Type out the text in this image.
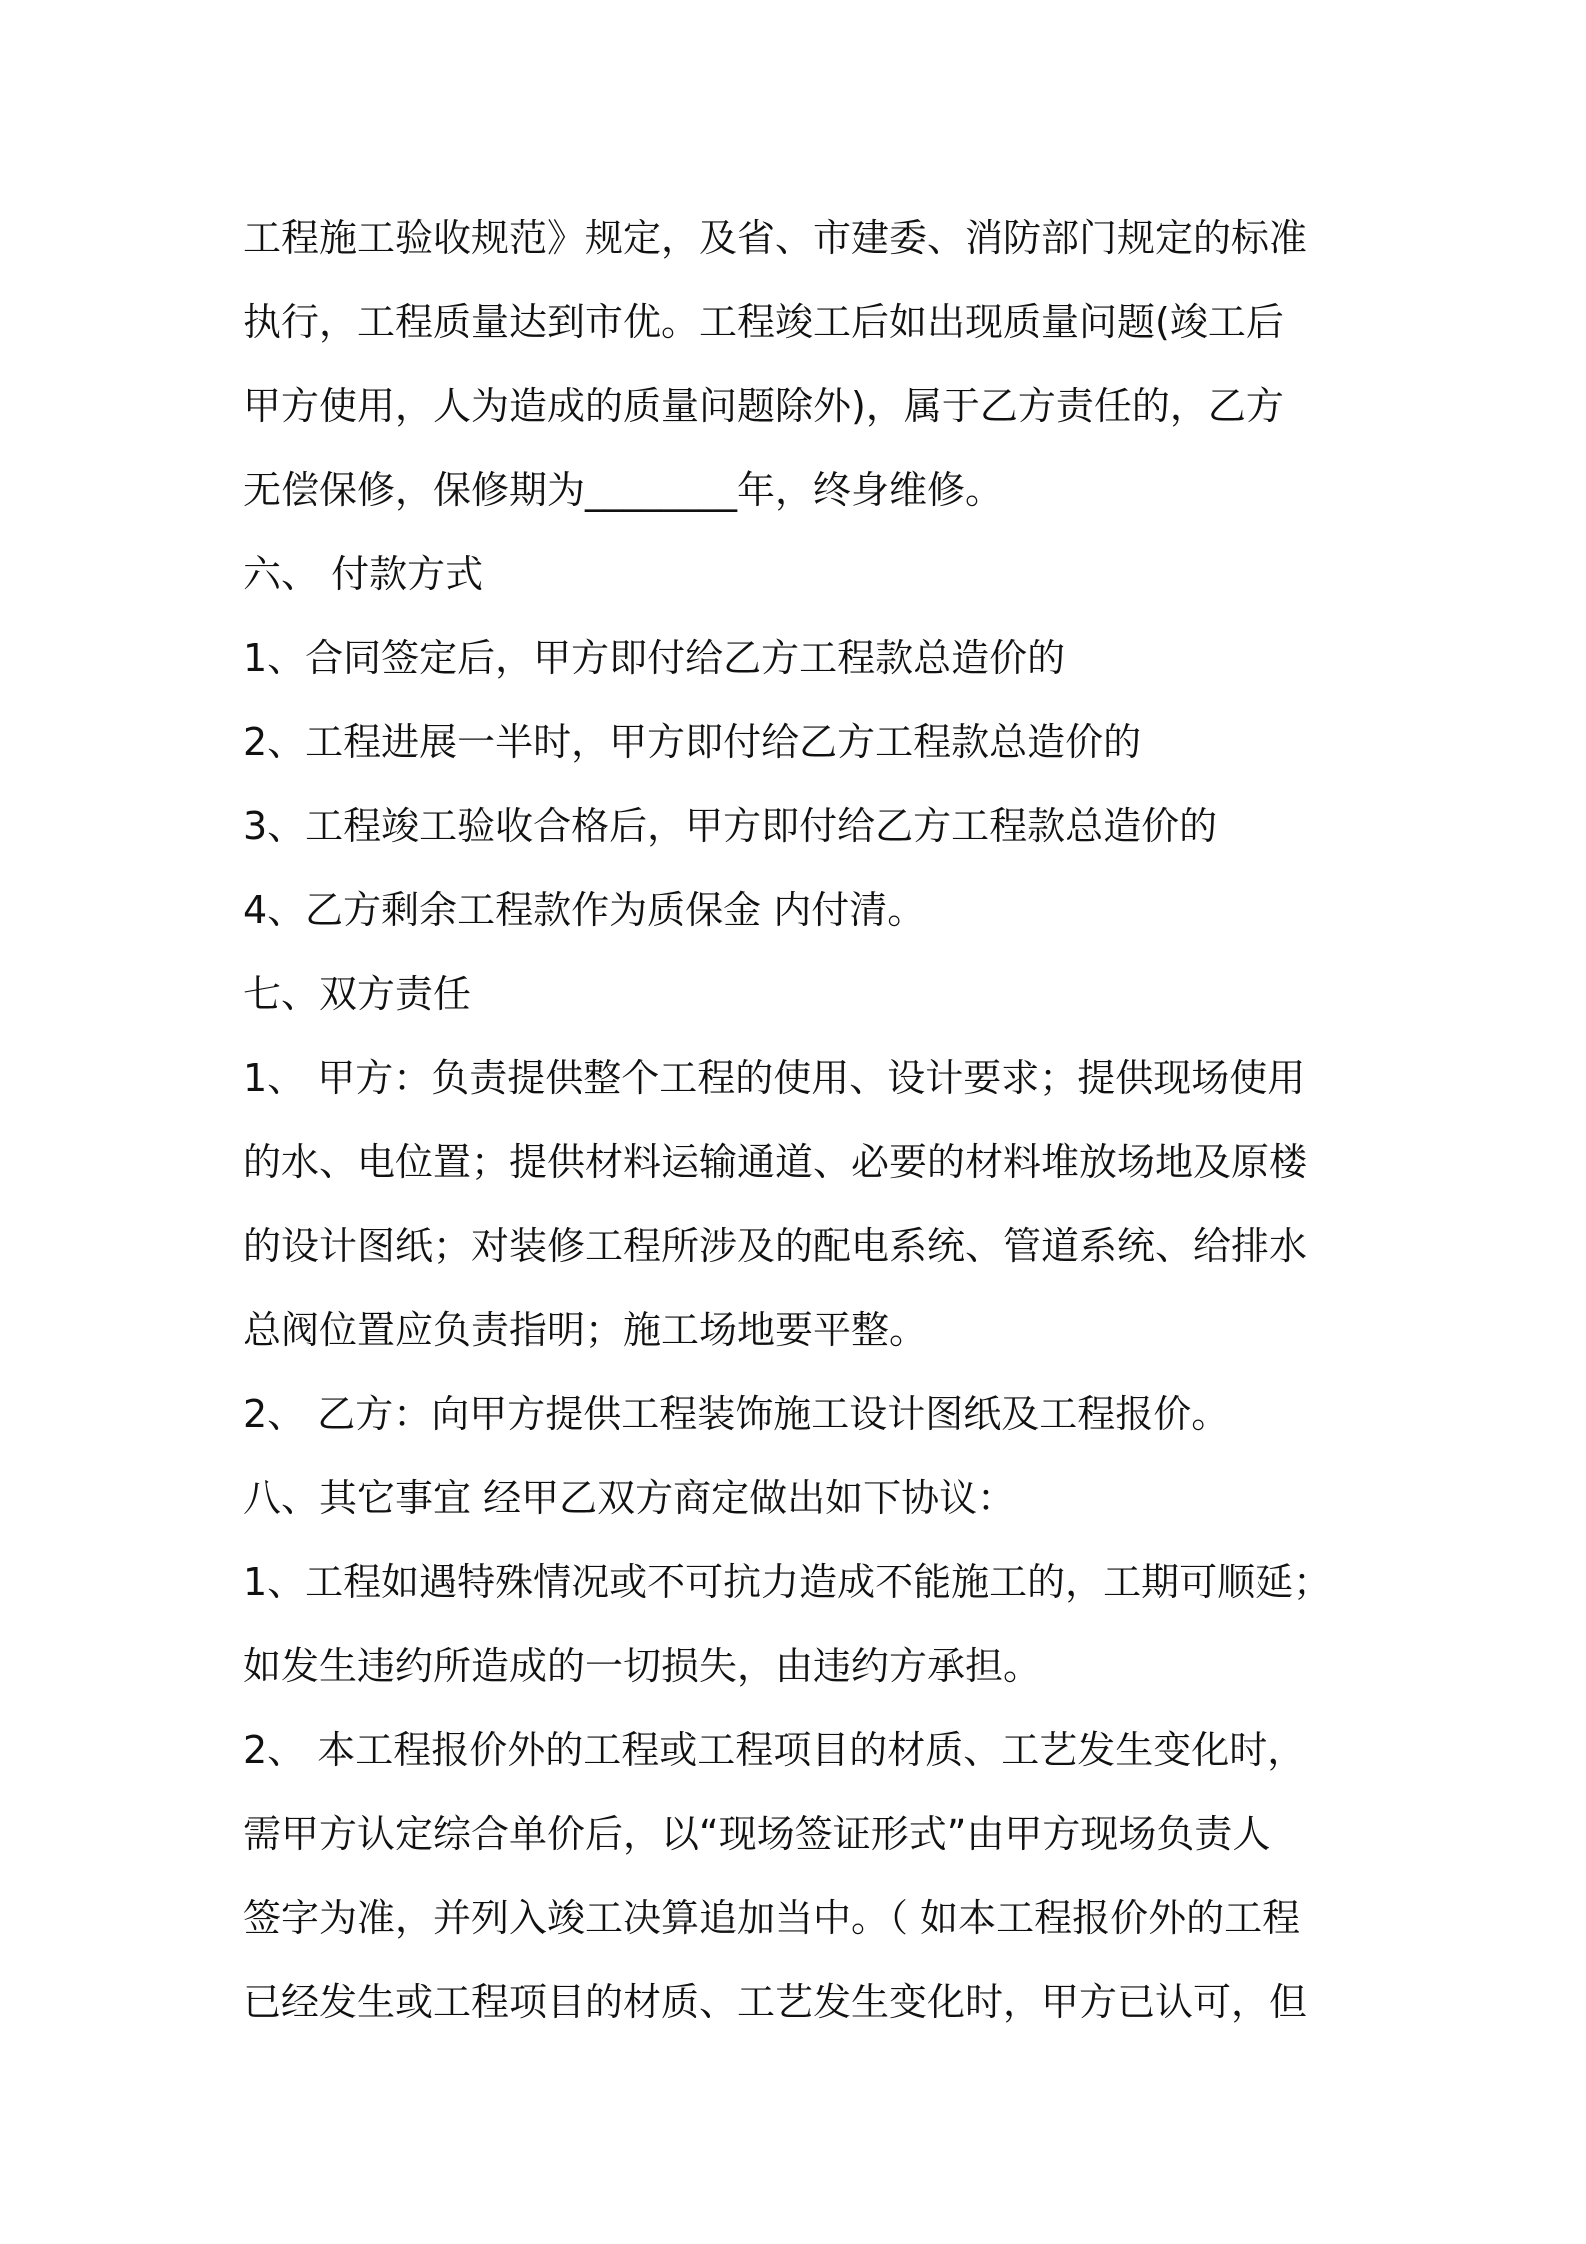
工程施工验收规范》规定，及省、市建委、消防部门规定的标准
执行，工程质量达到市优。工程竣工后如出现质量问题(竣工后
甲方使用，人为造成的质量问题除外)，属于乙方责任的，乙方
无偿保修，保修期为________年，终身维修。
六、 付款方式
1、合同签定后，甲方即付给乙方工程款总造价的
2、工程进展一半时，甲方即付给乙方工程款总造价的
3、工程竣工验收合格后，甲方即付给乙方工程款总造价的
4、乙方剩余工程款作为质保金 内付清。
七、双方责任
1、 甲方：负责提供整个工程的使用、设计要求；提供现场使用
的水、电位置；提供材料运输通道、必要的材料堆放场地及原楼
的设计图纸；对装修工程所涉及的配电系统、管道系统、给排水
总阀位置应负责指明；施工场地要平整。
2、 乙方：向甲方提供工程装饰施工设计图纸及工程报价。
八、其它事宜 经甲乙双方商定做出如下协议：
1、工程如遇特殊情况或不可抗力造成不能施工的，工期可顺延；
如发生违约所造成的一切损失，由违约方承担。
2、 本工程报价外的工程或工程项目的材质、工艺发生变化时，
需甲方认定综合单价后，以“现场签证形式”由甲方现场负责人
签字为准，并列入竣工决算追加当中。（ 如本工程报价外的工程
已经发生或工程项目的材质、工艺发生变化时，甲方已认可，但
